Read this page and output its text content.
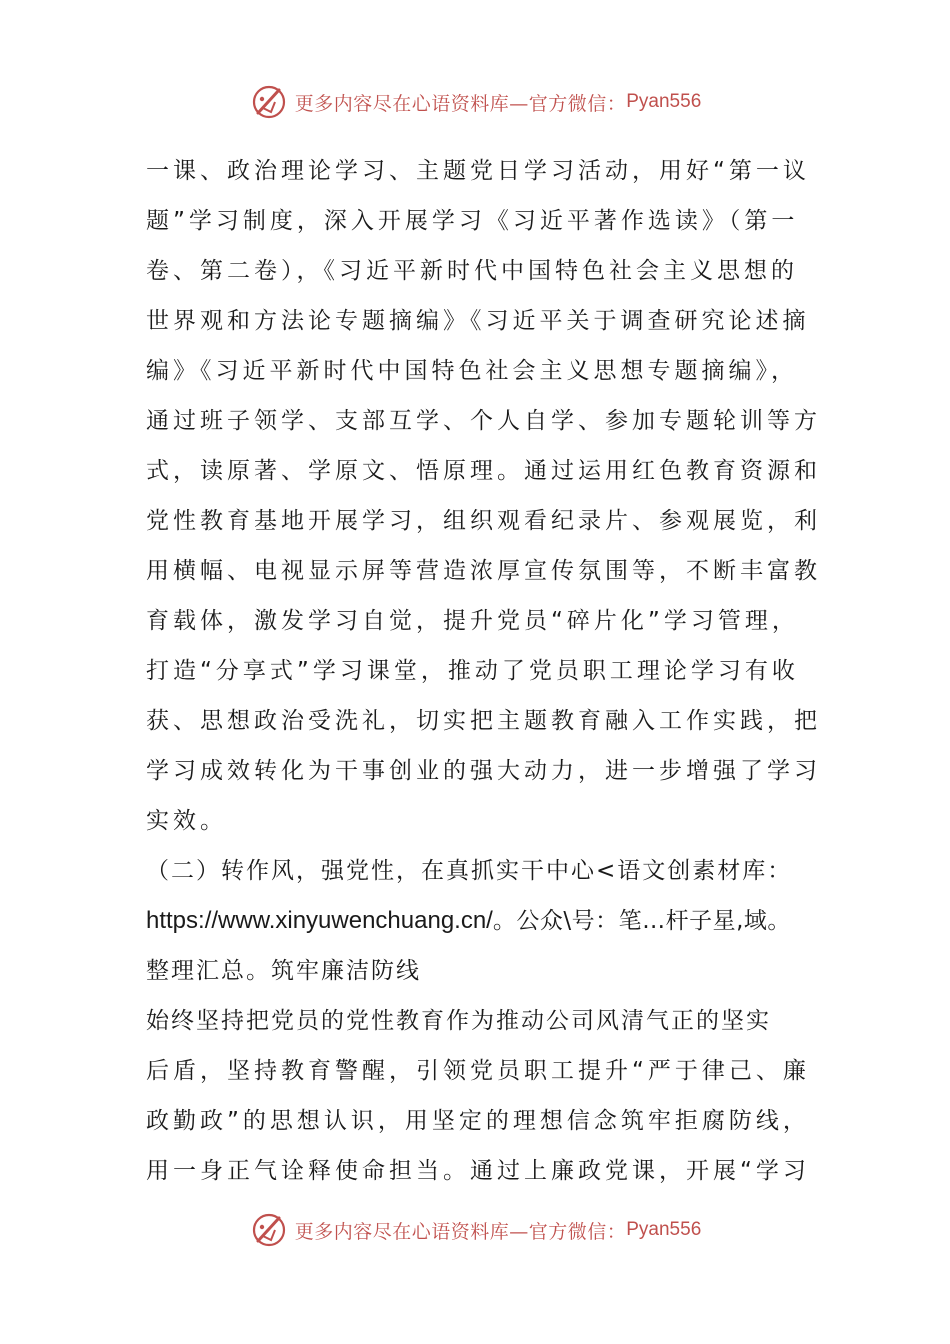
更多内容尽在心语资料库—官方微信： Pyan556
一课、政治理论学习、主题党日学习活动，用好“第一议
题”学习制度，深入开展学习《习近平著作选读》（第一
卷、第二卷），《习近平新时代中国特色社会主义思想的
世界观和方法论专题摘编》《习近平关于调查研究论述摘
编》《习近平新时代中国特色社会主义思想专题摘编》，
通过班子领学、支部互学、个人自学、参加专题轮训等方
式，读原著、学原文、悟原理。通过运用红色教育资源和
党性教育基地开展学习，组织观看纪录片、参观展览，利
用横幅、电视显示屏等营造浓厚宣传氛围等，不断丰富教
育载体，激发学习自觉，提升党员“碎片化”学习管理，
打造“分享式”学习课堂，推动了党员职工理论学习有收
获、思想政治受洗礼，切实把主题教育融入工作实践，把
学习成效转化为干事创业的强大动力，进一步增强了学习
实效。
（二）转作风，强党性，在真抓实干中心<语文创素材库：
https://www.xinyuwenchuang.cn/。公众\号：笔…杆子星,域。
整理汇总。筑牢廉洁防线
始终坚持把党员的党性教育作为推动公司风清气正的坚实
后盾，坚持教育警醒，引领党员职工提升“严于律己、廉
政勤政”的思想认识，用坚定的理想信念筑牢拒腐防线，
用一身正气诠释使命担当。通过上廉政党课，开展“学习
更多内容尽在心语资料库—官方微信： Pyan556
